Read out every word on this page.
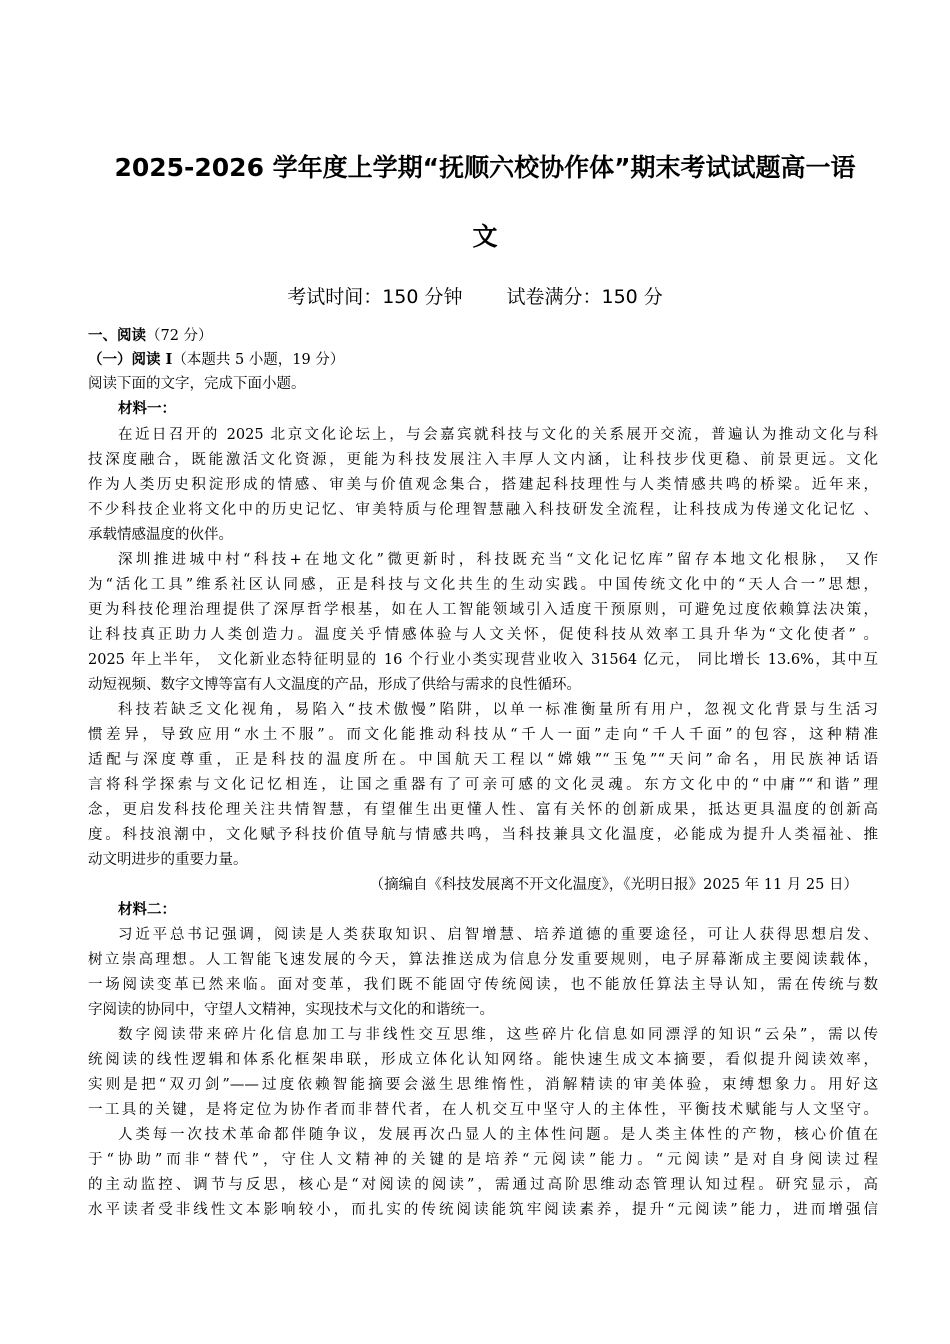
2025-2026 学年度上学期“抚顺六校协作体”期末考试试题高一语
文
考试时间：150 分钟 试卷满分：150 分
一、阅读（72 分）
（一）阅读 I（本题共 5 小题，19 分）
阅读下面的文字，完成下面小题。
材料一：
在近日召开的 2025 北京文化论坛上，与会嘉宾就科技与文化的关系展开交流，普遍认为推动文化与科
技深度融合，既能激活文化资源，更能为科技发展注入丰厚人文内涵，让科技步伐更稳、前景更远。文化
作为人类历史积淀形成的情感、审美与价值观念集合，搭建起科技理性与人类情感共鸣的桥梁。近年来，
不少科技企业将文化中的历史记忆、审美特质与伦理智慧融入科技研发全流程，让科技成为传递文化记忆 、
承载情感温度的伙伴。
深圳推进城中村“科技+在地文化”微更新时，科技既充当“文化记忆库”留存本地文化根脉， 又作
为“活化工具”维系社区认同感，正是科技与文化共生的生动实践。中国传统文化中的“天人合一”思想，
更为科技伦理治理提供了深厚哲学根基，如在人工智能领域引入适度干预原则，可避免过度依赖算法决策，
让科技真正助力人类创造力。温度关乎情感体验与人文关怀，促使科技从效率工具升华为“文化使者” 。
2025 年上半年， 文化新业态特征明显的 16 个行业小类实现营业收入 31564 亿元， 同比增长 13.6%，其中互
动短视频、数字文博等富有人文温度的产品，形成了供给与需求的良性循环。
科技若缺乏文化视角，易陷入“技术傲慢”陷阱，以单一标准衡量所有用户，忽视文化背景与生活习
惯差异，导致应用“水土不服”。而文化能推动科技从“千人一面”走向“千人千面”的包容，这种精准
适配与深度尊重，正是科技的温度所在。中国航天工程以“嫦娥”“玉兔”“天问”命名，用民族神话语
言将科学探索与文化记忆相连，让国之重器有了可亲可感的文化灵魂。东方文化中的“中庸”“和谐”理
念，更启发科技伦理关注共情智慧，有望催生出更懂人性、富有关怀的创新成果，抵达更具温度的创新高
度。科技浪潮中，文化赋予科技价值导航与情感共鸣，当科技兼具文化温度，必能成为提升人类福祉、推
动文明进步的重要力量。
（摘编自《科技发展离不开文化温度》，《光明日报》2025 年 11 月 25 日）
材料二：
习近平总书记强调，阅读是人类获取知识、启智增慧、培养道德的重要途径，可让人获得思想启发、
树立崇高理想。人工智能飞速发展的今天，算法推送成为信息分发重要规则，电子屏幕渐成主要阅读载体，
一场阅读变革已然来临。面对变革，我们既不能固守传统阅读，也不能放任算法主导认知，需在传统与数
字阅读的协同中，守望人文精神，实现技术与文化的和谐统一。
数字阅读带来碎片化信息加工与非线性交互思维，这些碎片化信息如同漂浮的知识“云朵”，需以传
统阅读的线性逻辑和体系化框架串联，形成立体化认知网络。能快速生成文本摘要，看似提升阅读效率，
实则是把“双刃剑”——过度依赖智能摘要会滋生思维惰性，消解精读的审美体验，束缚想象力。用好这
一工具的关键，是将定位为协作者而非替代者，在人机交互中坚守人的主体性，平衡技术赋能与人文坚守。
人类每一次技术革命都伴随争议，发展再次凸显人的主体性问题。是人类主体性的产物，核心价值在
于“协助”而非“替代”，守住人文精神的关键的是培养“元阅读”能力。“元阅读”是对自身阅读过程
的主动监控、调节与反思，核心是“对阅读的阅读”，需通过高阶思维动态管理认知过程。研究显示，高
水平读者受非线性文本影响较小，而扎实的传统阅读能筑牢阅读素养，提升“元阅读”能力，进而增强信
